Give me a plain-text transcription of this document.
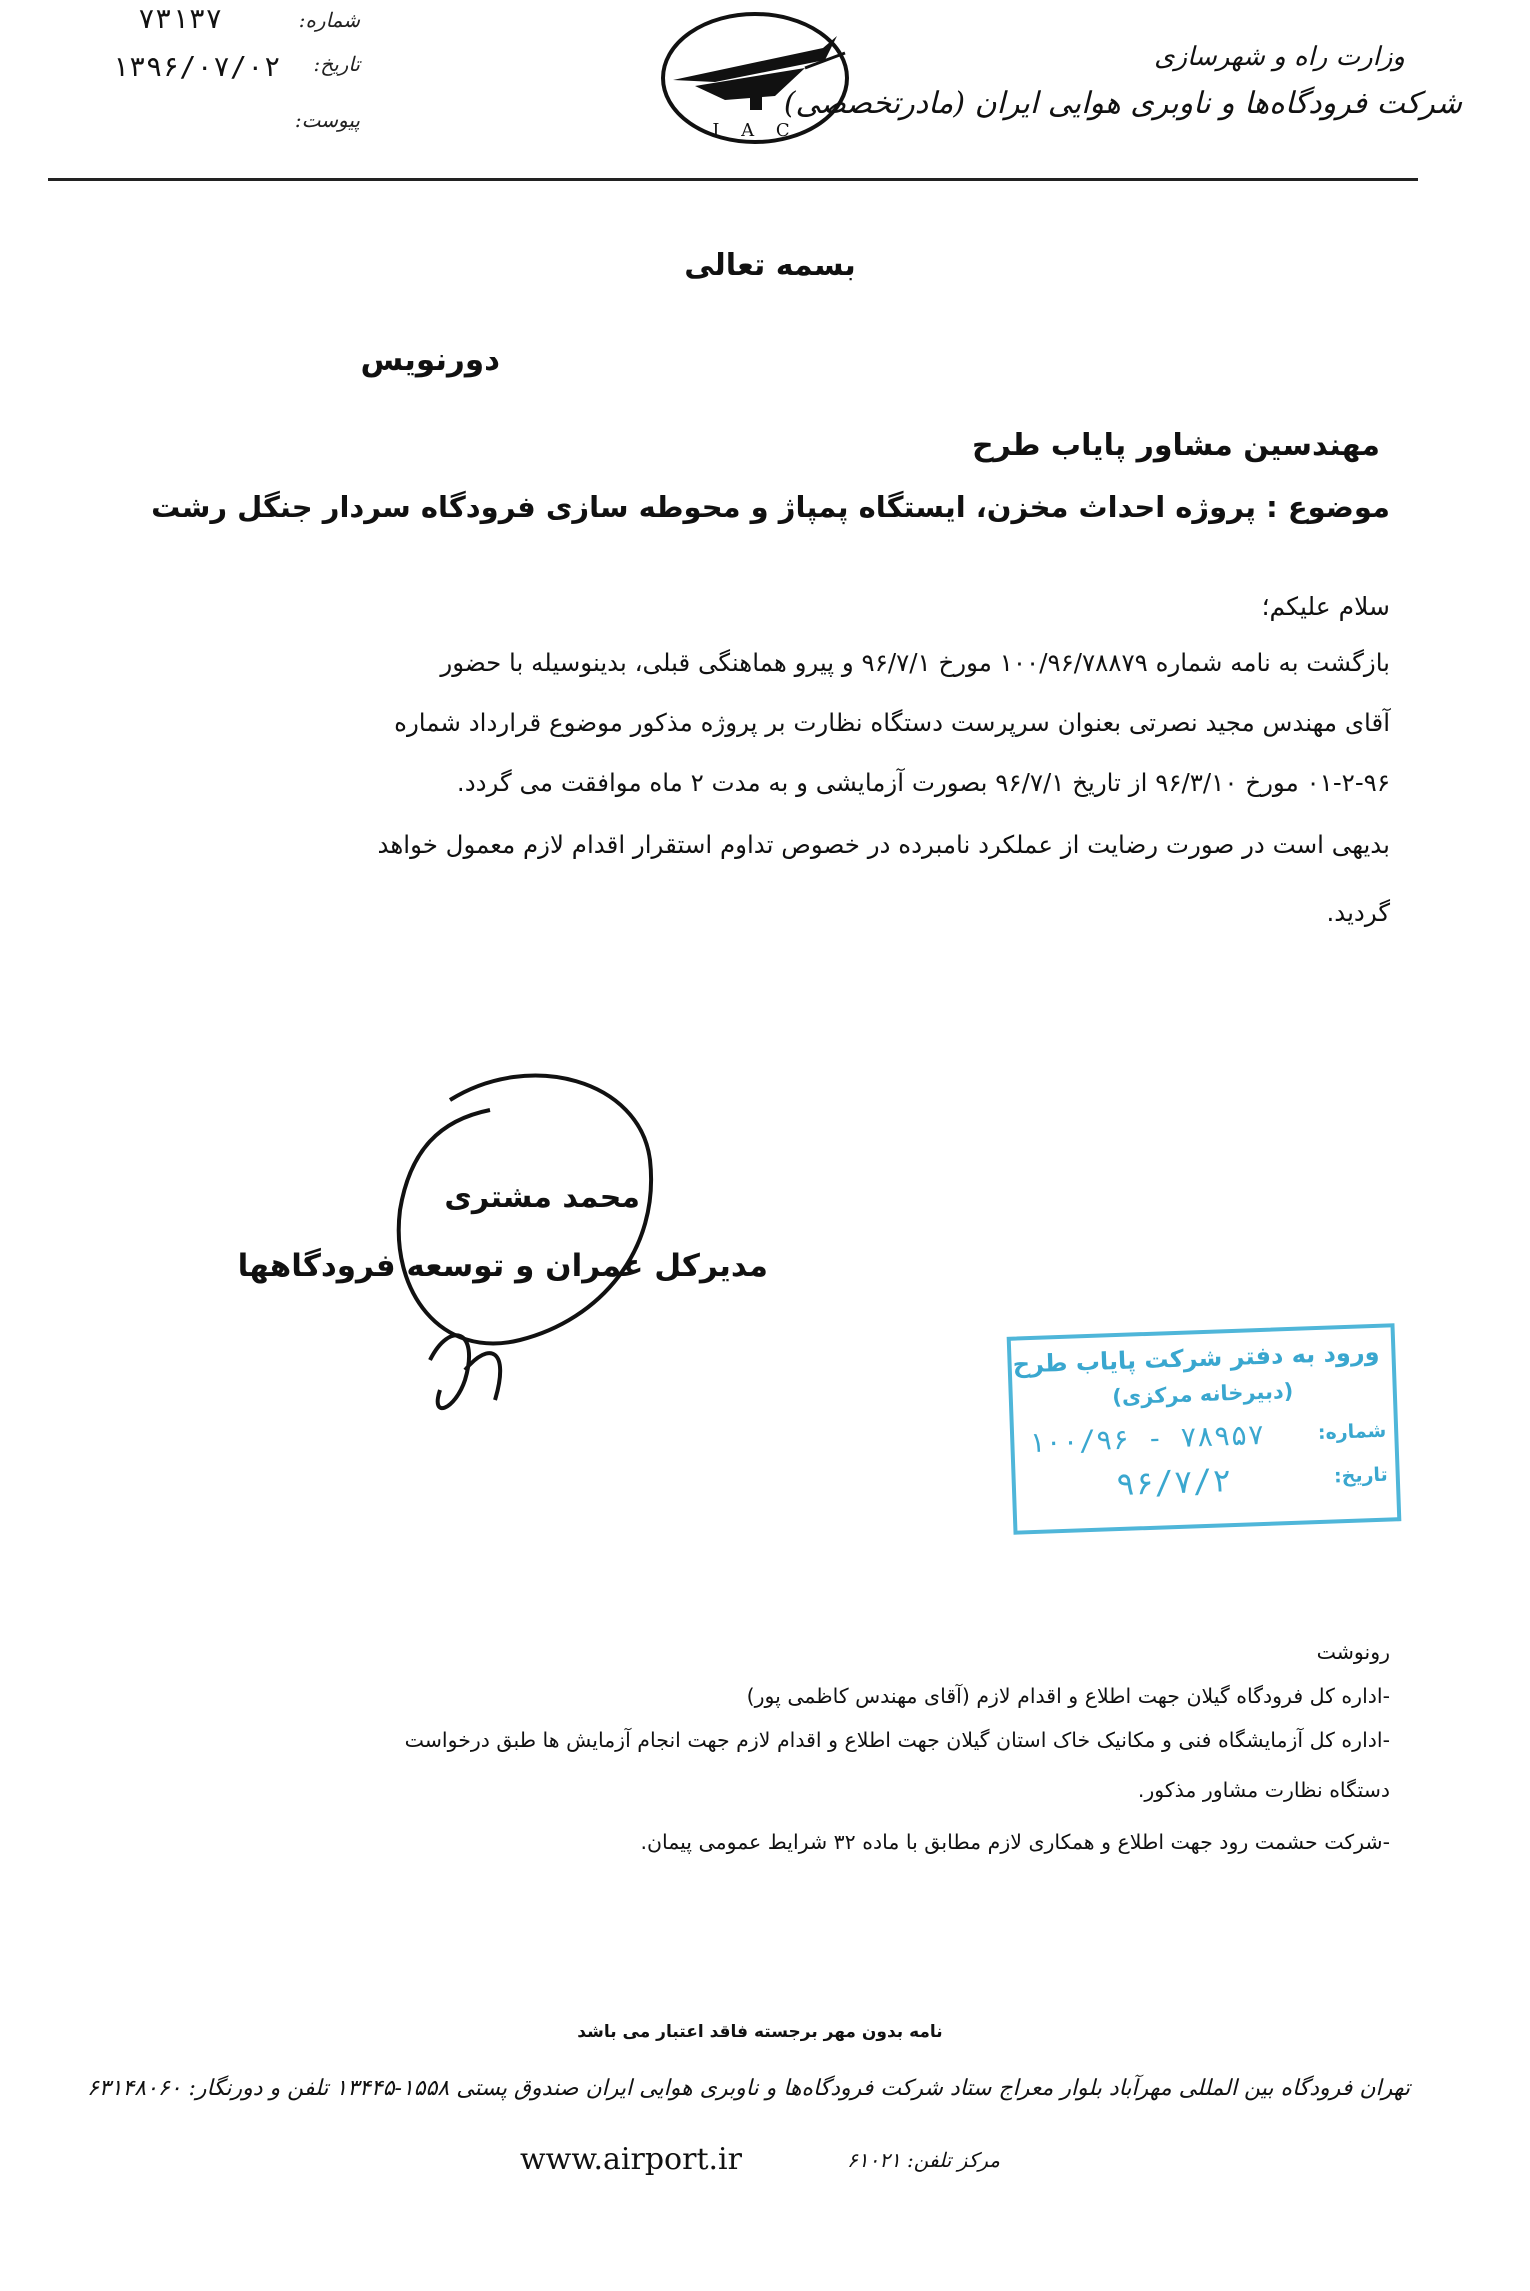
وزارت راه و شهرسازی
شرکت فرودگاه‌ها و ناوبری هوایی ایران (مادرتخصصی)
I A C
شماره:
۷۳۱۳۷
تاریخ:
۱۳۹۶/۰۷/۰۲
پیوست:
بسمه تعالی
دورنویس
مهندسین مشاور پایاب طرح
موضوع : پروژه احداث مخزن، ایستگاه پمپاژ و محوطه سازی فرودگاه سردار جنگل رشت
سلام علیکم؛
بازگشت به نامه شماره ۱۰۰/۹۶/۷۸۸۷۹ مورخ ۹۶/۷/۱ و پیرو هماهنگی قبلی، بدینوسیله با حضور
آقای مهندس مجید نصرتی بعنوان سرپرست دستگاه نظارت بر پروژه مذکور موضوع قرارداد شماره
۰۱-۲-۹۶ مورخ ۹۶/۳/۱۰ از تاریخ ۹۶/۷/۱ بصورت آزمایشی و به مدت ۲ ماه موافقت می گردد.
بدیهی است در صورت رضایت از عملکرد نامبرده در خصوص تداوم استقرار اقدام لازم معمول خواهد
گردید.
محمد مشتری
مدیرکل عمران و توسعه فرودگاهها
ورود به دفتر شرکت پایاب طرح
(دبیرخانه مرکزی)
شماره:
۱۰۰/۹۶ - ۷۸۹۵۷
تاریخ:
۹۶/۷/۲
رونوشت
-اداره کل فرودگاه گیلان جهت اطلاع و اقدام لازم (آقای مهندس کاظمی پور)
-اداره کل آزمایشگاه فنی و مکانیک خاک استان گیلان جهت اطلاع و اقدام لازم جهت انجام آزمایش ها طبق درخواست
دستگاه نظارت مشاور مذکور.
-شرکت حشمت رود جهت اطلاع و همکاری لازم مطابق با ماده ۳۲ شرایط عمومی پیمان.
نامه بدون مهر برجسته فاقد اعتبار می باشد
تهران فرودگاه بین المللی مهرآباد بلوار معراج ستاد شرکت فرودگاه‌ها و ناوبری هوایی ایران صندوق پستی ۱۵۵۸-۱۳۴۴۵ تلفن و دورنگار: ۶۳۱۴۸۰۶۰
www.airport.ir	مرکز تلفن: ۶۱۰۲۱
